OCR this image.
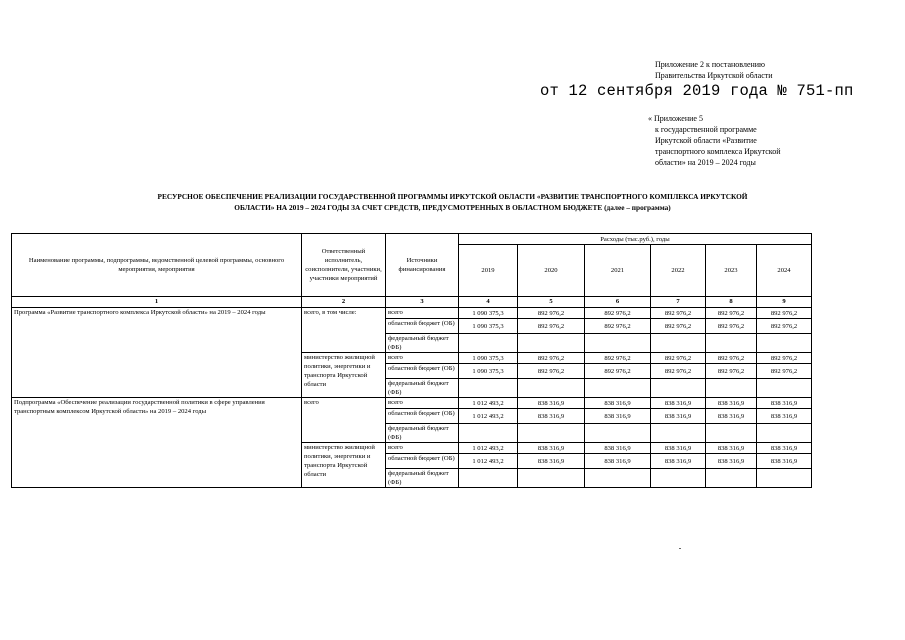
Приложение 2 к постановлению
Правительства Иркутской области
от 12 сентября 2019 года № 751-пп
« Приложение 5
к государственной программе
Иркутской области «Развитие
транспортного комплекса Иркутской
области» на 2019 – 2024 годы
РЕСУРСНОЕ ОБЕСПЕЧЕНИЕ РЕАЛИЗАЦИИ ГОСУДАРСТВЕННОЙ ПРОГРАММЫ ИРКУТСКОЙ ОБЛАСТИ «РАЗВИТИЕ ТРАНСПОРТНОГО КОМПЛЕКСА ИРКУТСКОЙ
ОБЛАСТИ» НА 2019 – 2024 ГОДЫ ЗА СЧЕТ СРЕДСТВ, ПРЕДУСМОТРЕННЫХ В ОБЛАСТНОМ БЮДЖЕТЕ (далее – программа)
Наименование программы, подпрограммы, ведомственной целевой программы, основного мероприятия, мероприятия	Ответственный исполнитель, соисполнители, участники, участники мероприятий	Источники финансирования	Расходы (тыс.руб.), годы					
			2019	2020	2021	2022	2023	2024
1	2	3	4	5	6	7	8	9
Программа «Развитие транспортного комплекса Иркутской области» на 2019 – 2024 годы	всего, в том числе:	всего	1 090 375,3	892 976,2	892 976,2	892 976,2	892 976,2	892 976,2
		областной бюджет (ОБ)	1 090 375,3	892 976,2	892 976,2	892 976,2	892 976,2	892 976,2
		федеральный бюджет (ФБ)						
	министерство жилищной политики, энергетики и транспорта Иркутской области	всего	1 090 375,3	892 976,2	892 976,2	892 976,2	892 976,2	892 976,2
		областной бюджет (ОБ)	1 090 375,3	892 976,2	892 976,2	892 976,2	892 976,2	892 976,2
		федеральный бюджет (ФБ)						
Подпрограмма «Обеспечение реализации государственной политики в сфере управления транспортным комплексом Иркутской области» на 2019 – 2024 годы	всего	всего	1 012 493,2	838 316,9	838 316,9	838 316,9	838 316,9	838 316,9
		областной бюджет (ОБ)	1 012 493,2	838 316,9	838 316,9	838 316,9	838 316,9	838 316,9
		федеральный бюджет (ФБ)						
	министерство жилищной политики, энергетики и транспорта Иркутской области	всего	1 012 493,2	838 316,9	838 316,9	838 316,9	838 316,9	838 316,9
		областной бюджет (ОБ)	1 012 493,2	838 316,9	838 316,9	838 316,9	838 316,9	838 316,9
		федеральный бюджет (ФБ)						
